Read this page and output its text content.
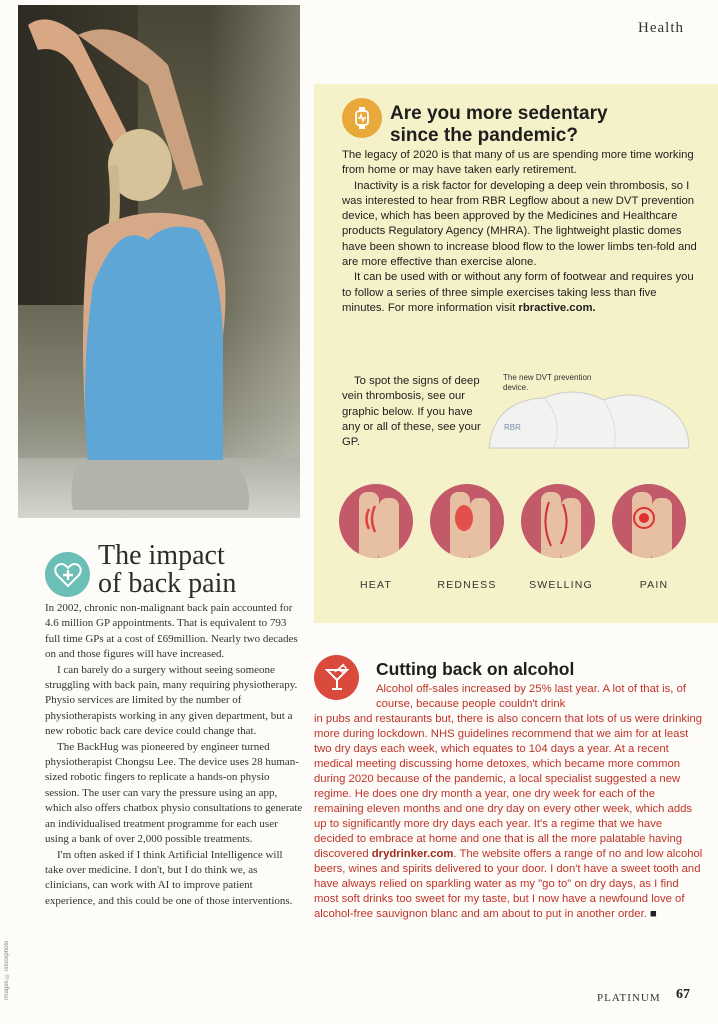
Health
Images © istockphoto
Are you more sedentary
since the pandemic?

The legacy of 2020 is that many of us are spending more time working from home or may have taken early retirement.

Inactivity is a risk factor for developing a deep vein thrombosis, so I was interested to hear from RBR Legflow about a new DVT prevention device, which has been approved by the Medicines and Healthcare products Regulatory Agency (MHRA). The lightweight plastic domes have been shown to increase blood flow to the lower limbs ten-fold and are more effective than exercise alone.

It can be used with or without any form of footwear and requires you to follow a series of three simple exercises taking less than five minutes. For more information visit rbractive.com.

To spot the signs of deep vein thrombosis, see our graphic below. If you have any or all of these, see your GP.
The new DVT prevention device.
RBR
HEAT	REDNESS	SWELLING	PAIN
The impact
of back pain

In 2002, chronic non-malignant back pain accounted for 4.6 million GP appointments. That is equivalent to 793 full time GPs at a cost of £69million. Nearly two decades on and those figures will have increased.

I can barely do a surgery without seeing someone struggling with back pain, many requiring physiotherapy. Physio services are limited by the number of physiotherapists working in any given department, but a new robotic back care device could change that.

The BackHug was pioneered by engineer turned physiotherapist Chongsu Lee. The device uses 28 human-sized robotic fingers to replicate a hands-on physio session. The user can vary the pressure using an app, which also offers chatbox physio consultations to generate an individualised treatment programme for each user using a bank of over 2,000 possible treatments.

I'm often asked if I think Artificial Intelligence will take over medicine. I don't, but I do think we, as clinicians, can work with AI to improve patient experience, and this could be one of those interventions.

Cutting back on alcohol
Alcohol off-sales increased by 25% last year. A lot of that is, of course, because people couldn't drink
in pubs and restaurants but, there is also concern that lots of us were drinking more during lockdown. NHS guidelines recommend that we aim for at least two dry days each week, which equates to 104 days a year. At a recent medical meeting discussing home detoxes, which became more common during 2020 because of the pandemic, a local specialist suggested a new regime. He does one dry month a year, one dry week for each of the remaining eleven months and one dry day on every other week, which adds up to significantly more dry days each year. It's a regime that we have decided to embrace at home and one that is all the more palatable having discovered drydrinker.com. The website offers a range of no and low alcohol beers, wines and spirits delivered to your door. I don't have a sweet tooth and have always relied on sparkling water as my "go to" on dry days, as I find most soft drinks too sweet for my taste, but I now have a newfound love of alcohol-free sauvignon blanc and am about to put in another order. ■
PLATINUM 67
